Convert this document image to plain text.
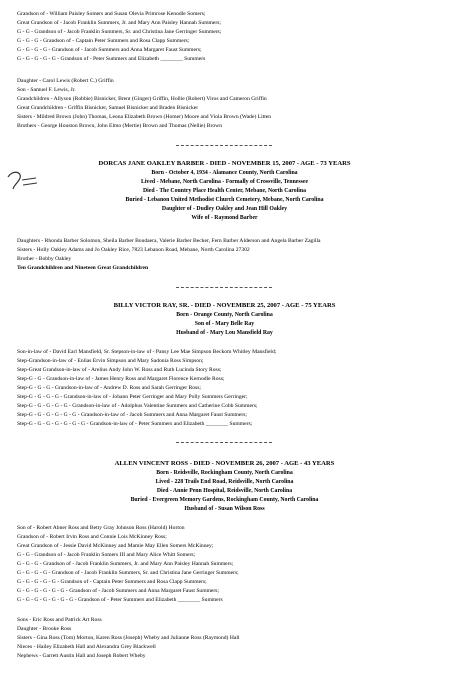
Grandson of - William Paisley Somers and Susan Olevia Primrose Kenodle Somers;
Great Grandson of - Jacob Franklin Summers, Jr. and Mary Ann Paisley Hannah Summers;
G - G - Grandson of - Jacob Franklin Summers, Sr. and Christina Jane Gerringer Summers;
G - G - G - Grandson of - Captain Peter Summers and Rosa Clapp Summers;
G - G - G - G - Grandson of - Jacob Summers and Anna Margaret Faust Summers;
G - G - G - G - G - Grandson of - Peter Summers and Elizabeth ________ Summers
Daughter - Carol Lewis (Robert C.) Griffin
Son - Samuel F. Lewis, Jr.
Grandchildren - Allyson (Robbie) Bisnicker, Brent (Ginger) Griffin, Hollie (Robert) Viros and Cameron Griffin
Great Grandchildren - Griffin Bisnicker, Samuel Bisnicker and Braden Bisnicker
Sisters - Mildred Brown (John) Thomas, Leona Elizabeth Brown (Homer) Moore and Viola Brown (Wade) Litten
Brothers - George Houston Brown, John Elmo (Mertie) Brown and Thomas (Nellie) Brown
DORCAS JANE OAKLEY BARBER - DIED - NOVEMBER 15, 2007 - AGE - 73 YEARS
Born - October 4, 1934 - Alamance County, North Carolina
Lived - Mebane, North Carolina - Formally of Crossville, Tennessee
Died - The Country Place Health Center, Mebane, North Carolina
Buried - Lebanon United Methodist Church Cemetery, Mebane, North Carolina
Daughter of - Dudley Oakley and Jean Hill Oakley
Wife of - Raymond Barber
Daughters - Rhonda Barber Solomon, Sheila Barber Boudaera, Valerie Barber Becker, Fern Barber Alderson and Angela Barber Zagilla
Sisters - Holly Oakley Adams and Jo Oakley Rice, 7823 Lebanon Road, Mebane, North Carolina 27302
Brother - Bobby Oakley
Ten Grandchildren and Nineteen Great Grandchildren
BILLY VICTOR RAY, SR. - DIED - NOVEMBER 25, 2007 - AGE - 75 YEARS
Born - Orange County, North Carolina
Son of - Mary Belle Ray
Husband of - Mary Lou Mansfield Ray
Son-in-law of - David Earl Mansfield, Sr. Stepson-in-law of - Pansy Lee Mae Simpson Beckom Whitley Mansfield;
Step-Grandson-in-law of - Enlias Ervin Simpson and Mary Sadonia Ross Simpson;
Step-Great Grandson-in-law of - Arelius Andy John W. Ross and Ruth Lucinda Story Ross;
Step-G - G - Grandson-in-law of - James Henry Ross and Margaret Florence Kernodle Ross;
Step-G - G - G - Grandson-in-law of - Andrew D. Ross and Sarah Gerringer Ross;
Step-G - G - G - G - Grandson-in-law of - Johann Peter Gerringer and Mary Polly Summers Gerringer;
Step-G - G - G - G - G - Grandson-in-law of - Adolphus Valentine Summers and Catherine Cobb Summers;
Step-G - G - G - G - G - G - Grandson-in-law of - Jacob Summers and Anna Margaret Faust Summers;
Step-G - G - G - G - G - G - G - Grandson-in-law of - Peter Summers and Elizabeth ________ Summers;
ALLEN VINCENT ROSS - DIED - NOVEMBER 26, 2007 - AGE - 43 YEARS
Born - Reidsville, Rockingham County, North Carolina
Lived - 228 Trails End Road, Reidsville, North Carolina
Died - Annie Penn Hospital, Reidsville, North Carolina
Buried - Evergreen Memory Gardens, Rockingham County, North Carolina
Husband of - Susan Wilson Ross
Son of - Robert Abner Ross and Betty Gray Johnson Ross (Harold) Horton
Grandson of - Robert Irvin Ross and Connie Lois McKinney Ross;
Great Grandson of - Jessie David McKinney and Mamie May Ellen Somers McKinney;
G - G - Grandson of - Jacob Franklin Somers III and Mary Alice Whitt Somers;
G - G - G - Grandson of - Jacob Franklin Summers, Jr. and Mary Ann Paisley Hannah Summers;
G - G - G - G - Grandson of - Jacob Franklin Summers, Sr. and Christina Jane Gerringer Summers;
G - G - G - G - G - Grandson of - Captain Peter Summers and Rosa Clapp Summers;
G - G - G - G - G - G - Grandson of - Jacob Summers and Anna Margaret Faust Summers;
G - G - G - G - G - G - G - Grandson of - Peter Summers and Elizabeth ________ Summers
Sons - Eric Ross and Patrick Art Ross
Daughter - Brooke Ross
Sisters - Gina Ross (Tom) Morton, Karen Ross (Joseph) Wheby and Julianne Ross (Raymond) Hall
Nieces - Hailey Elizabeth Hall and Alexandra Grey Blackwell
Nephews - Garrett Austin Hall and Joseph Robert Wheby
